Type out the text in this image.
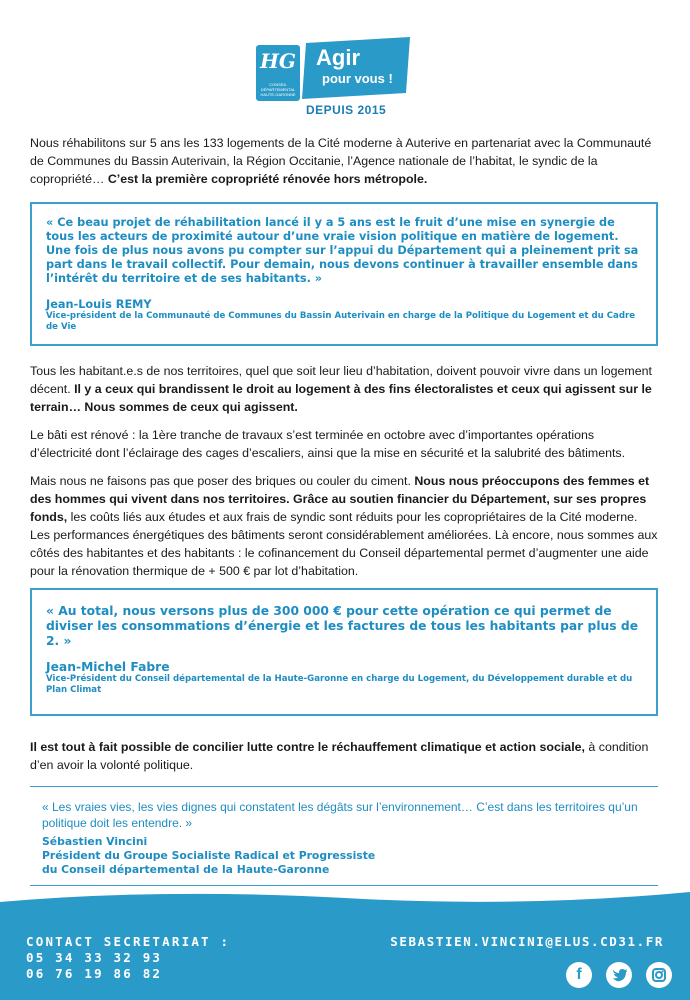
HG
CONSEIL DÉPARTEMENTAL HAUTE-GARONNE
Agir
pour vous !
DEPUIS 2015
Nous réhabilitons sur 5 ans les 133 logements de la Cité moderne à Auterive en partenariat avec la Communauté de Communes du Bassin Auterivain, la Région Occitanie, l’Agence nationale de l’habitat, le syndic de la copropriété… C’est la première copropriété rénovée hors métropole.
« Ce beau projet de réhabilitation lancé il y a 5 ans est le fruit d’une mise en synergie de tous les acteurs de proximité autour d’une vraie vision politique en matière de logement. Une fois de plus nous avons pu compter sur l’appui du Département qui a pleinement prit sa part dans le travail collectif. Pour demain, nous devons continuer à travailler ensemble dans l’intérêt du territoire et de ses habitants. »
Jean-Louis REMY
Vice-président de la Communauté de Communes du Bassin Auterivain en charge de la Politique du Logement et du Cadre de Vie
Tous les habitant.e.s de nos territoires, quel que soit leur lieu d’habitation, doivent pouvoir vivre dans un logement décent. Il y a ceux qui brandissent le droit au logement à des fins électoralistes et ceux qui agissent sur le terrain… Nous sommes de ceux qui agissent.
Le bâti est rénové : la 1ère tranche de travaux s’est terminée en octobre avec d’importantes opérations d’électricité dont l’éclairage des cages d’escaliers, ainsi que la mise en sécurité et la salubrité des bâtiments.
Mais nous ne faisons pas que poser des briques ou couler du ciment. Nous nous préoccupons des femmes et des hommes qui vivent dans nos territoires. Grâce au soutien financier du Département, sur ses propres fonds, les coûts liés aux études et aux frais de syndic sont réduits pour les copropriétaires de la Cité moderne. Les performances énergétiques des bâtiments seront considérablement améliorées. Là encore, nous sommes aux côtés des habitantes et des habitants : le cofinancement du Conseil départemental permet d’augmenter une aide pour la rénovation thermique de + 500 € par lot d’habitation.
« Au total, nous versons plus de 300 000 € pour cette opération ce qui permet de diviser les consommations d’énergie et les factures de tous les habitants par plus de 2. »
Jean-Michel Fabre
Vice-Président du Conseil départemental de la Haute-Garonne en charge du Logement, du Développement durable et du Plan Climat
Il est tout à fait possible de concilier lutte contre le réchauffement climatique et action sociale, à condition d’en avoir la volonté politique.
« Les vraies vies, les vies dignes qui constatent les dégâts sur l’environnement… C’est dans les territoires qu’un politique doit les entendre. »
Sébastien Vincini
Président du Groupe Socialiste Radical et Progressiste
du Conseil départemental de la Haute-Garonne
CONTACT SECRETARIAT :
05 34 33 32 93
06 76 19 86 82
SEBASTIEN.VINCINI@ELUS.CD31.FR
f
